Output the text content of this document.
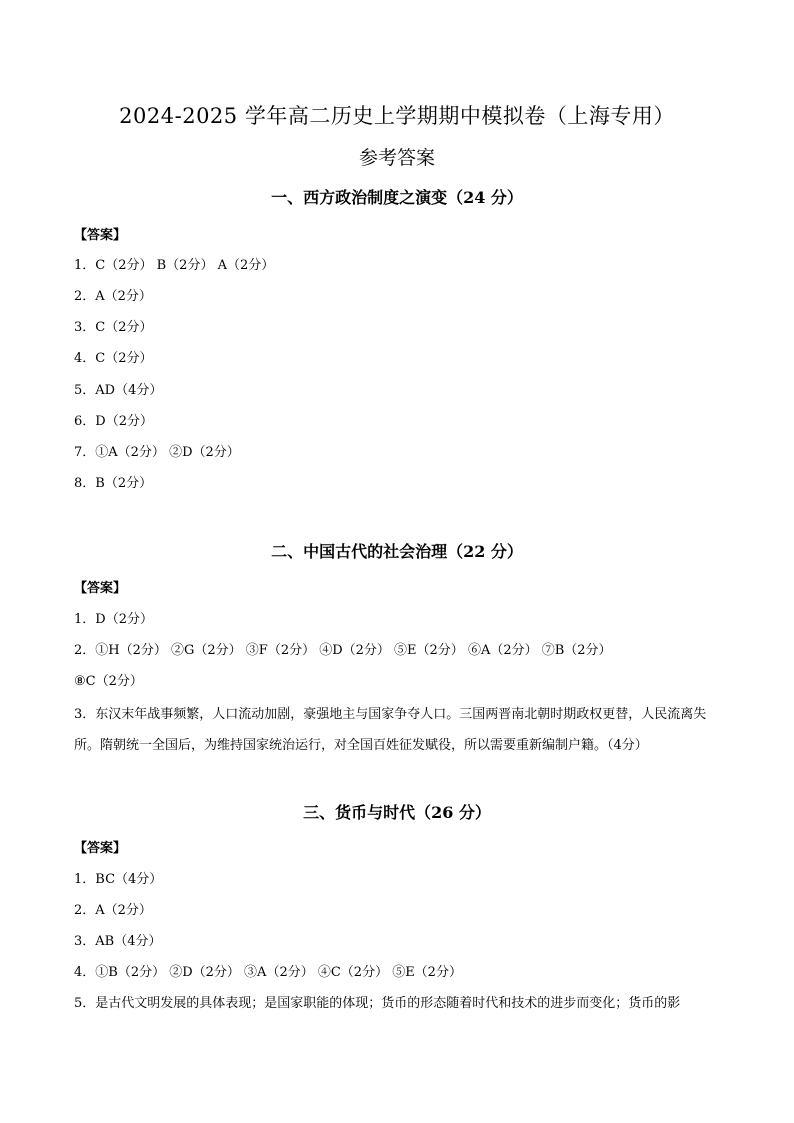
2024-2025 学年高二历史上学期期中模拟卷（上海专用）
参考答案
一、西方政治制度之演变（24 分）
【答案】
1．C（2分） B（2分） A（2分）
2．A（2分）
3．C（2分）
4．C（2分）
5．AD（4分）
6．D（2分）
7．①A（2分） ②D（2分）
8．B（2分）
二、中国古代的社会治理（22 分）
【答案】
1．D（2分）
2．①H（2分） ②G（2分） ③F（2分） ④D（2分） ⑤E（2分） ⑥A（2分） ⑦B（2分）
⑧C（2分）
3．东汉末年战事频繁，人口流动加剧，豪强地主与国家争夺人口。三国两晋南北朝时期政权更替，人民流离失所。隋朝统一全国后，为维持国家统治运行，对全国百姓征发赋役，所以需要重新编制户籍。（4分）
三、货币与时代（26 分）
【答案】
1．BC（4分）
2．A（2分）
3．AB（4分）
4．①B（2分） ②D（2分） ③A（2分） ④C（2分） ⑤E（2分）
5．是古代文明发展的具体表现；是国家职能的体现；货币的形态随着时代和技术的进步而变化；货币的影
